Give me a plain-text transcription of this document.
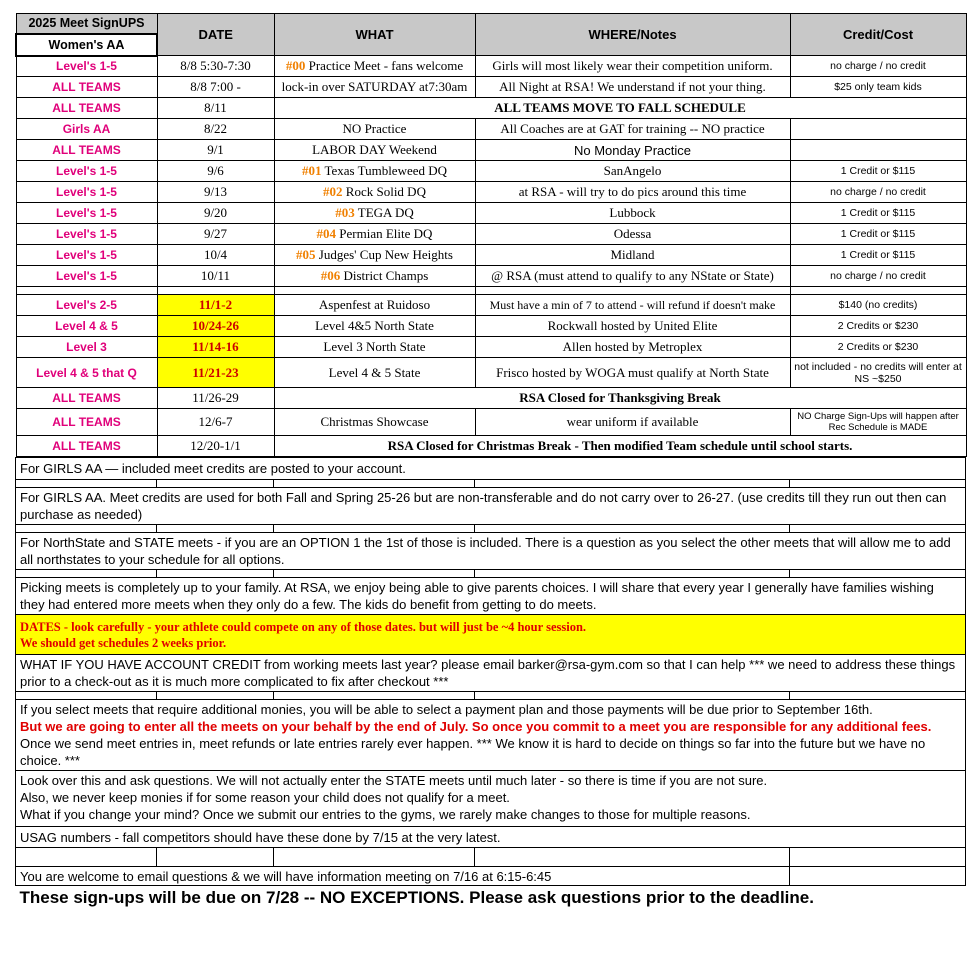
2025 Meet SignUPS	DATE	WHAT	WHERE/Notes	Credit/Cost
Women's AA				
Level's 1-5	8/8 5:30-7:30	#00 Practice Meet - fans welcome	Girls will most likely wear their competition uniform.	no charge / no credit
ALL TEAMS	8/8 7:00 -	lock-in over SATURDAY at7:30am	All Night at RSA! We understand if not your thing.	$25 only team kids
ALL TEAMS	8/11	ALL TEAMS MOVE TO FALL SCHEDULE		
Girls AA	8/22	NO Practice	All Coaches are at GAT for training -- NO practice	
ALL TEAMS	9/1	LABOR DAY Weekend	No Monday Practice	
Level's 1-5	9/6	#01 Texas Tumbleweed DQ	SanAngelo	1 Credit or $115
Level's 1-5	9/13	#02 Rock Solid DQ	at RSA - will try to do pics around this time	no charge / no credit
Level's 1-5	9/20	#03 TEGA DQ	Lubbock	1 Credit or $115
Level's 1-5	9/27	#04 Permian Elite DQ	Odessa	1 Credit or $115
Level's 1-5	10/4	#05 Judges' Cup New Heights	Midland	1 Credit or $115
Level's 1-5	10/11	#06 District Champs	@ RSA (must attend to qualify to any NState or State)	no charge / no credit

Level's 2-5	11/1-2	Aspenfest at Ruidoso	Must have a min of 7 to attend - will refund if doesn't make	$140 (no credits)
Level 4 & 5	10/24-26	Level 4&5 North State	Rockwall hosted by United Elite	2 Credits or $230
Level 3	11/14-16	Level 3 North State	Allen hosted by Metroplex	2 Credits or $230
Level 4 & 5 that Q	11/21-23	Level 4 & 5 State	Frisco hosted by WOGA must qualify at North State	not included - no credits will enter at NS ~$250
ALL TEAMS	11/26-29	RSA Closed for Thanksgiving Break		
ALL TEAMS	12/6-7	Christmas Showcase	wear uniform if available	NO Charge Sign-Ups will happen after Rec Schedule is MADE
ALL TEAMS	12/20-1/1	RSA Closed for Christmas Break - Then modified Team schedule until school starts.		
For GIRLS AA — included meet credits are posted to your account.				

For GIRLS AA. Meet credits are used for both Fall and Spring 25-26 but are non-transferable and do not carry over to 26-27. (use credits till they run out then can purchase as needed)				

For NorthState and STATE meets - if you are an OPTION 1 the 1st of those is included. There is a question as you select the other meets that will allow me to add all northstates to your schedule for all options.				

Picking meets is completely up to your family. At RSA, we enjoy being able to give parents choices. I will share that every year I generally have families wishing they had entered more meets when they only do a few. The kids do benefit from getting to do meets.				

DATES - look carefully - your athlete could compete on any of those dates. but will just be ~4 hour session.
We should get schedules 2 weeks prior.				

WHAT IF YOU HAVE ACCOUNT CREDIT from working meets last year? please email barker@rsa-gym.com so that I can help *** we need to address these things prior to a check-out as it is much more complicated to fix after checkout ***				

If you select meets that require additional monies, you will be able to select a payment plan and those payments will be due prior to September 16th.

But we are going to enter all the meets on your behalf by the end of July. So once you commit to a meet you are responsible for any additional fees.

Once we send meet entries in, meet refunds or late entries rarely ever happen. *** We know it is hard to decide on things so far into the future but we have no choice. ***				

Look over this and ask questions. We will not actually enter the STATE meets until much later - so there is time if you are not sure.

Also, we never keep monies if for some reason your child does not qualify for a meet.

What if you change your mind? Once we submit our entries to the gyms, we rarely make changes to those for multiple reasons.				

USAG numbers - fall competitors should have these done by 7/15 at the very latest.				

You are welcome to email questions & we will have information meeting on 7/16 at 6:15-6:45				
These sign-ups will be due on 7/28 -- NO EXCEPTIONS. Please ask questions prior to the deadline.				
